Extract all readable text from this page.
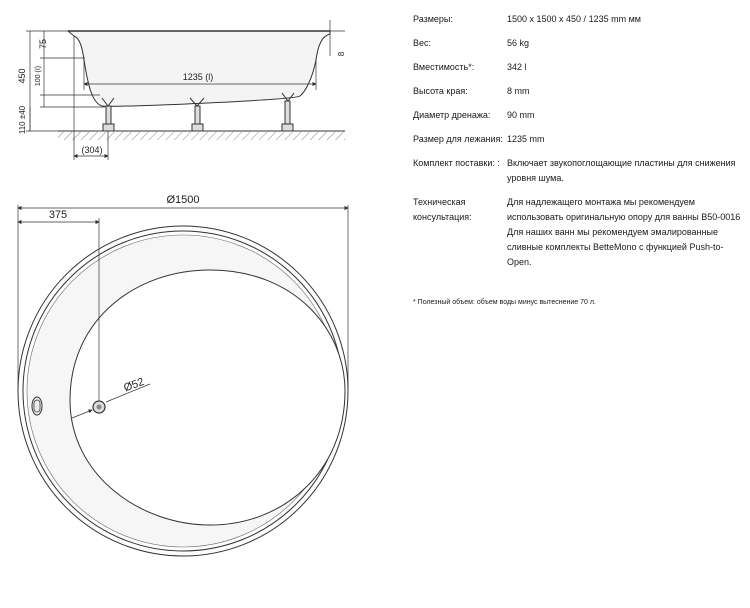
75
450 100 (I)
110 ±40
8
1235 (l)
(304)
Ø1500
375
Ø52
Размеры:	1500 x 1500 x 450 / 1235 mm мм
Вес:	56 kg
Вместимость*:	342 l
Высота края:	8 mm
Диаметр дренажа:	90 mm
Размер для лежания: 1235 mm
Комплект поставки: : Включает звукопоглощающие пластины для снижения уровня шума.
Техническая консультация:
Для надлежащего монтажа мы рекомендуем использовать оригинальную опору для ванны B50-0016
Для наших ванн мы рекомендуем эмалированные сливные комплекты BetteMono с функцией Push-to-Open.
* Полезный объем: объем воды минус вытеснение 70 л.
